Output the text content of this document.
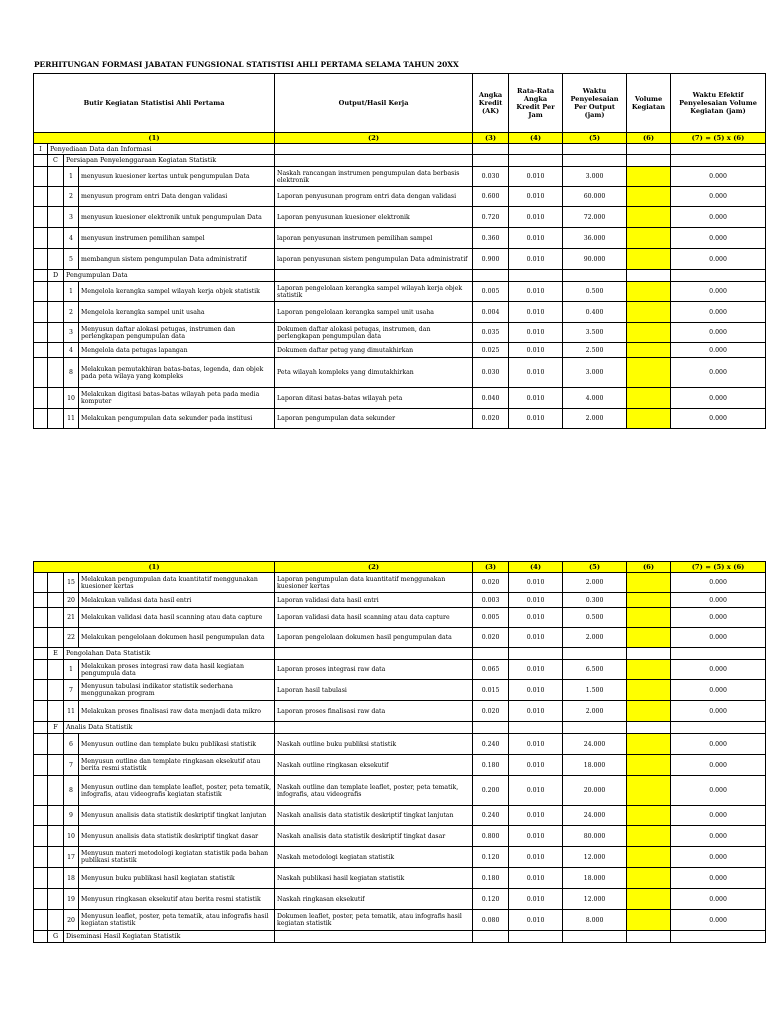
PERHITUNGAN FORMASI JABATAN FUNGSIONAL STATISTISI AHLI PERTAMA SELAMA TAHUN 20XX
Butir Kegiatan Statistisi Ahli Pertama				Output/Hasil Kerja	Angka Kredit (AK)	Rata-Rata Angka Kredit Per Jam	Waktu Penyelesaian Per Output (jam)	Volume Kegiatan	Waktu Efektif Penyelesaian Volume Kegiatan (jam)
(1)				(2)	(3)	(4)	(5)	(6)	(7) = (5) x (6)
I	Penyediaan Data dan Informasi								
	C	Persiapan Penyelenggaraan Kegiatan Statistik							
		1	menyusun kuesioner kertas untuk pengumpulan Data	Naskah rancangan instrumen pengumpulan data berbasis elektronik	0.030	0.010	3.000		0.000
		2	menyusun program entri Data dengan validasi	Laporan penyusunan program entri data dengan validasi	0.600	0.010	60.000		0.000
		3	menyusun kuesioner elektronik untuk pengumpulan Data	Laporan penyusunan kuesioner elektronik	0.720	0.010	72.000		0.000
		4	menyusun instrumen pemilihan sampel	laporan penyusunan instrumen pemilihan sampel	0.360	0.010	36.000		0.000
		5	membangun sistem pengumpulan Data administratif	laporan penyusunan sistem pengumpulan Data administratif	0.900	0.010	90.000		0.000
	D	Pengumpulan Data							
		1	Mengelola kerangka sampel wilayah kerja objek statistik	Laporan pengelolaan kerangka sampel wilayah kerja objek statistik	0.005	0.010	0.500		0.000
		2	Mengelola kerangka sampel unit usaha	Laporan pengelolaan kerangka sampel unit usaha	0.004	0.010	0.400		0.000
		3	Menyusun daftar alokasi petugas, instrumen dan perlengkapan pengumpulan data	Dokumen daftar alokasi petugas, instrumen, dan perlengkapan pengumpulan data	0.035	0.010	3.500		0.000
		4	Mengelola data petugas lapangan	Dokumen daftar petug yang dimutakhirkan	0.025	0.010	2.500		0.000
		8	Melakukan pemutakhiran batas-batas, legenda, dan objek pada peta wilaya yang kompleks	Peta wilayah kompleks yang dimutakhirkan	0.030	0.010	3.000		0.000
		10	Melakukan digitasi batas-batas wilayah peta pada media komputer	Laporan ditasi batas-batas wilayah peta	0.040	0.010	4.000		0.000
		11	Melakukan pengumpulan data sekunder pada institusi	Laporan pengumpulan data sekunder	0.020	0.010	2.000		0.000
(1)				(2)	(3)	(4)	(5)	(6)	(7) = (5) x (6)
		15	Melakukan pengumpulan data kuantitatif menggunakan kuesioner kertas	Laporan pengumpulan data kuantitatif menggunakan kuesioner kertas	0.020	0.010	2.000		0.000
		20	Melakukan validasi data hasil entri	Laporan validasi data hasil entri	0.003	0.010	0.300		0.000
		21	Melakukan validasi data hasil scanning atau data capture	Laporan validasi data hasil scanning atau data capture	0.005	0.010	0.500		0.000
		22	Melakukan pengelolaan dokumen hasil pengumpulan data	Laporan pengelolaan dokumen hasil pengumpulan data	0.020	0.010	2.000		0.000
	E	Pengolahan Data Statistik							
		1	Melakukan proses integrasi raw data hasil kegiatan pengumpula data	Laporan proses integrasi raw data	0.065	0.010	6.500		0.000
		7	Menyusun tabulasi indikator statistik sederhana menggunakan program	Laporan hasil tabulasi	0.015	0.010	1.500		0.000
		11	Melakukan proses finalisasi raw data menjadi data mikro	Laporan proses finalisasi raw data	0.020	0.010	2.000		0.000
	F	Analis Data Statistik							
		6	Menyusun outline dan template buku publikasi statistik	Naskah outline buku publiksi statistik	0.240	0.010	24.000		0.000
		7	Menyusun outline dan template ringkasan eksekutif atau berita resmi statistik	Naskah outline ringkasan eksekutif	0.180	0.010	18.000		0.000
		8	Menyusun outline dan template leaflet, poster, peta tematik, infografis, atau videografis kegiatan statistik	Naskah outline dan template leaflet, poster, peta tematik, infografis, atau videografis	0.200	0.010	20.000		0.000
		9	Menyusun analisis data statistik deskriptif tingkat lanjutan	Naskah analisis data statistik deskriptif tingkat lanjutan	0.240	0.010	24.000		0.000
		10	Menyusun analisis data statistik deskriptif tingkat dasar	Naskah analisis data statistik deskriptif tingkat dasar	0.800	0.010	80.000		0.000
		17	Menyusun materi metodologi kegiatan statistik pada bahan publikasi statistik	Naskah metodologi kegiatan statistik	0.120	0.010	12.000		0.000
		18	Menyusun buku publikasi hasil kegiatan statistik	Naskah publikasi hasil kegiatan statistik	0.180	0.010	18.000		0.000
		19	Menyusun ringkasan eksekutif atau berita resmi statistik	Naskah ringkasan eksekutif	0.120	0.010	12.000		0.000
		20	Menyusun leaflet, poster, peta tematik, atau infografis hasil kegiatan statistik	Dokumen leaflet, poster, peta tematik, atau infografis hasil kegiatan statistik	0.080	0.010	8.000		0.000
	G	Diseminasi Hasil Kegiatan Statistik							
